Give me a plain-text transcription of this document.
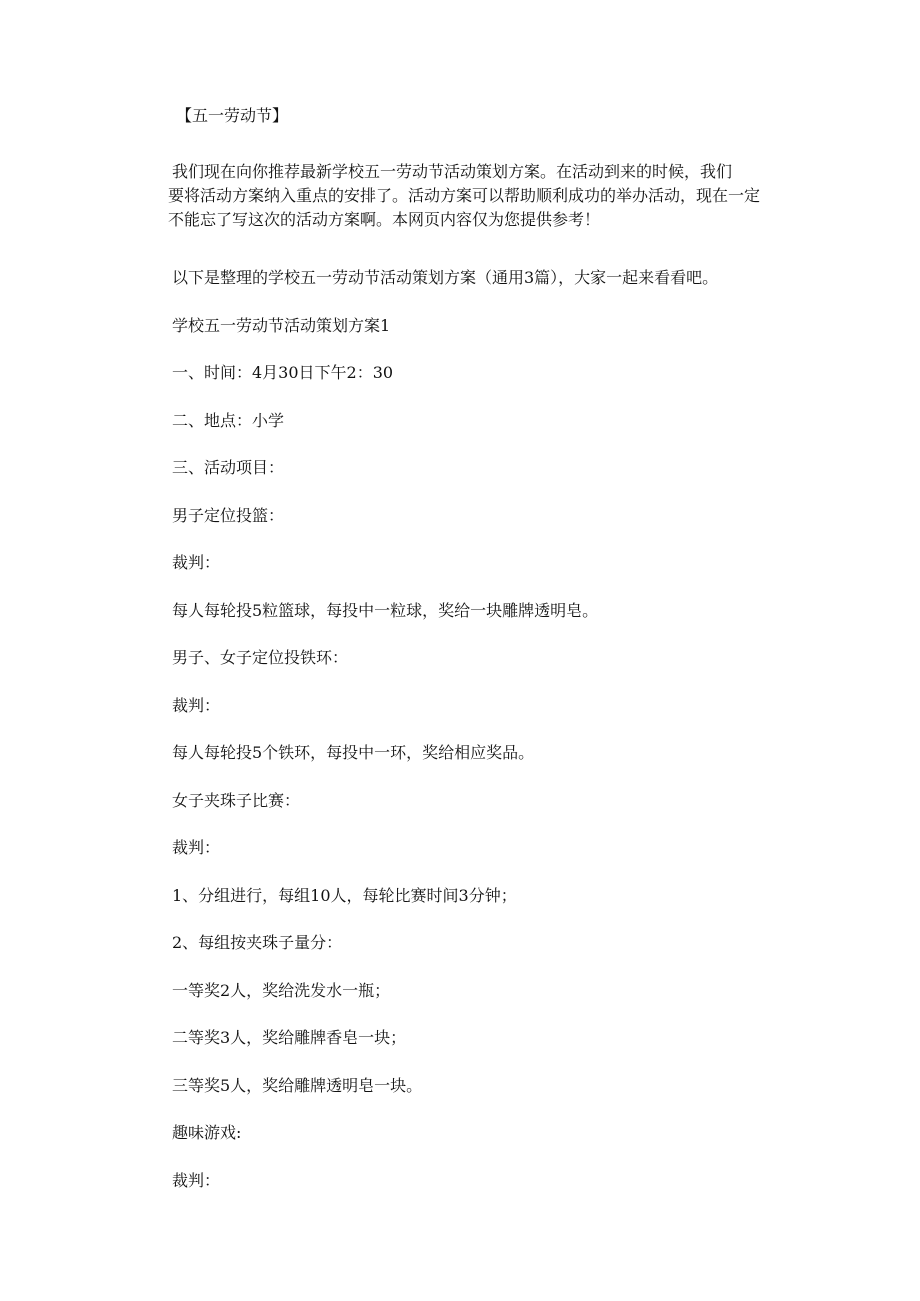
【五一劳动节】

我们现在向你推荐最新学校五一劳动节活动策划方案。在活动到来的时候，我们
要将活动方案纳入重点的安排了。活动方案可以帮助顺利成功的举办活动，现在一定
不能忘了写这次的活动方案啊。本网页内容仅为您提供参考！

以下是整理的学校五一劳动节活动策划方案（通用3篇），大家一起来看看吧。

学校五一劳动节活动策划方案1

一、时间：4月30日下午2：30

二、地点：小学

三、活动项目：

男子定位投篮：

裁判：

每人每轮投5粒篮球，每投中一粒球，奖给一块雕牌透明皂。

男子、女子定位投铁环：

裁判：

每人每轮投5个铁环，每投中一环，奖给相应奖品。

女子夹珠子比赛：

裁判：

1、分组进行，每组10人，每轮比赛时间3分钟；

2、每组按夹珠子量分：

一等奖2人，奖给洗发水一瓶；

二等奖3人，奖给雕牌香皂一块；

三等奖5人，奖给雕牌透明皂一块。

趣味游戏:

裁判：
